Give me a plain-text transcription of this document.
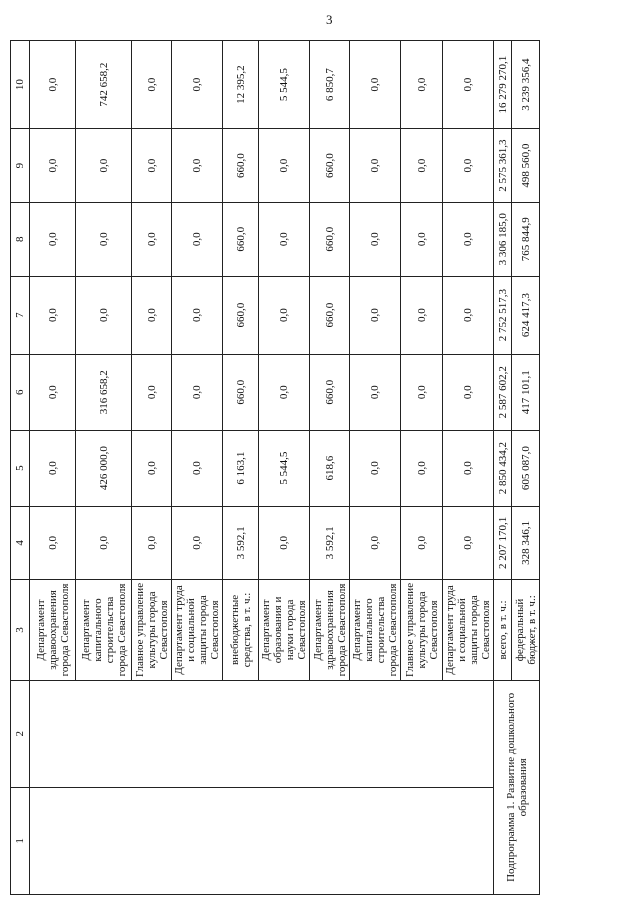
3
1	2	3	4	5	6	7	8	9	10
		Департамент здравоохранения города Севастополя	0,0	0,0	0,0	0,0	0,0	0,0	0,0
		Департамент капитального строительства города Севастополя	0,0	426 000,0	316 658,2	0,0	0,0	0,0	742 658,2
		Главное управление культуры города Севастополя	0,0	0,0	0,0	0,0	0,0	0,0	0,0
		Департамент труда и социальной защиты города Севастополя	0,0	0,0	0,0	0,0	0,0	0,0	0,0
		внебюджетные средства, в т. ч.:	3 592,1	6 163,1	660,0	660,0	660,0	660,0	12 395,2
		Департамент образования и науки города Севастополя	0,0	5 544,5	0,0	0,0	0,0	0,0	5 544,5
		Департамент здравоохранения города Севастополя	3 592,1	618,6	660,0	660,0	660,0	660,0	6 850,7
		Департамент капитального строительства города Севастополя	0,0	0,0	0,0	0,0	0,0	0,0	0,0
		Главное управление культуры города Севастополя	0,0	0,0	0,0	0,0	0,0	0,0	0,0
		Департамент труда и социальной защиты города Севастополя	0,0	0,0	0,0	0,0	0,0	0,0	0,0
Подпрограмма 1. Развитие дошкольного образования		всего, в т. ч.:	2 207 170,1	2 850 434,2	2 587 602,2	2 752 517,3	3 306 185,0	2 575 361,3	16 279 270,1
		федеральный бюджет, в т. ч.:	328 346,1	605 087,0	417 101,1	624 417,3	765 844,9	498 560,0	3 239 356,4
